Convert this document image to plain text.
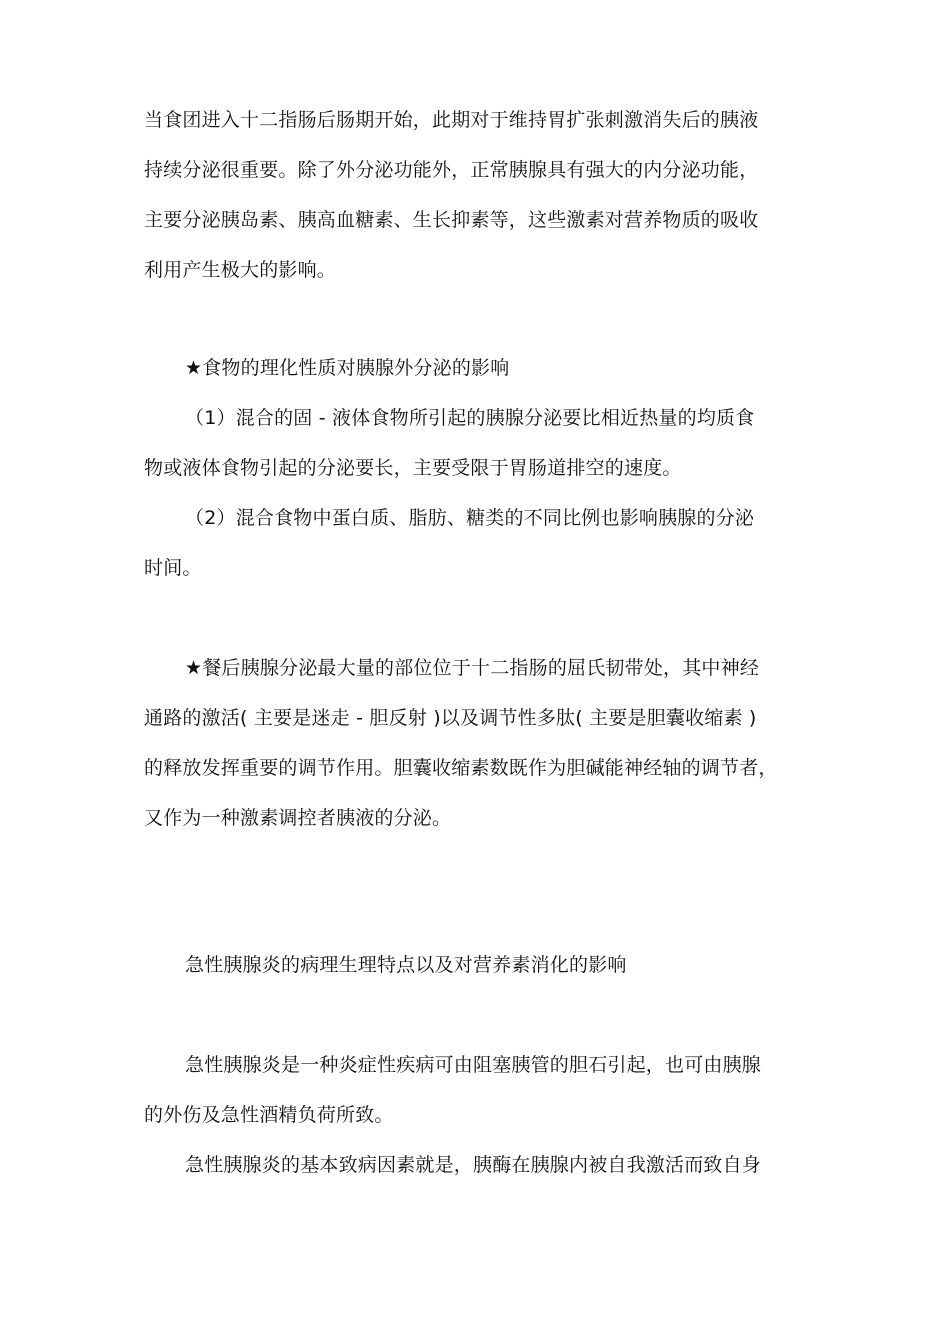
当食团进入十二指肠后肠期开始，此期对于维持胃扩张刺激消失后的胰液
持续分泌很重要。除了外分泌功能外，正常胰腺具有强大的内分泌功能，
主要分泌胰岛素、胰高血糖素、生长抑素等，这些激素对营养物质的吸收
利用产生极大的影响。
★食物的理化性质对胰腺外分泌的影响
（1）混合的固 - 液体食物所引起的胰腺分泌要比相近热量的均质食
物或液体食物引起的分泌要长，主要受限于胃肠道排空的速度。
（2）混合食物中蛋白质、脂肪、糖类的不同比例也影响胰腺的分泌
时间。
★餐后胰腺分泌最大量的部位位于十二指肠的屈氏韧带处，其中神经
通路的激活( 主要是迷走 - 胆反射 )以及调节性多肽( 主要是胆囊收缩素 )
的释放发挥重要的调节作用。胆囊收缩素数既作为胆碱能神经轴的调节者，
又作为一种激素调控者胰液的分泌。
急性胰腺炎的病理生理特点以及对营养素消化的影响
急性胰腺炎是一种炎症性疾病可由阻塞胰管的胆石引起，也可由胰腺
的外伤及急性酒精负荷所致。
急性胰腺炎的基本致病因素就是，胰酶在胰腺内被自我激活而致自身
